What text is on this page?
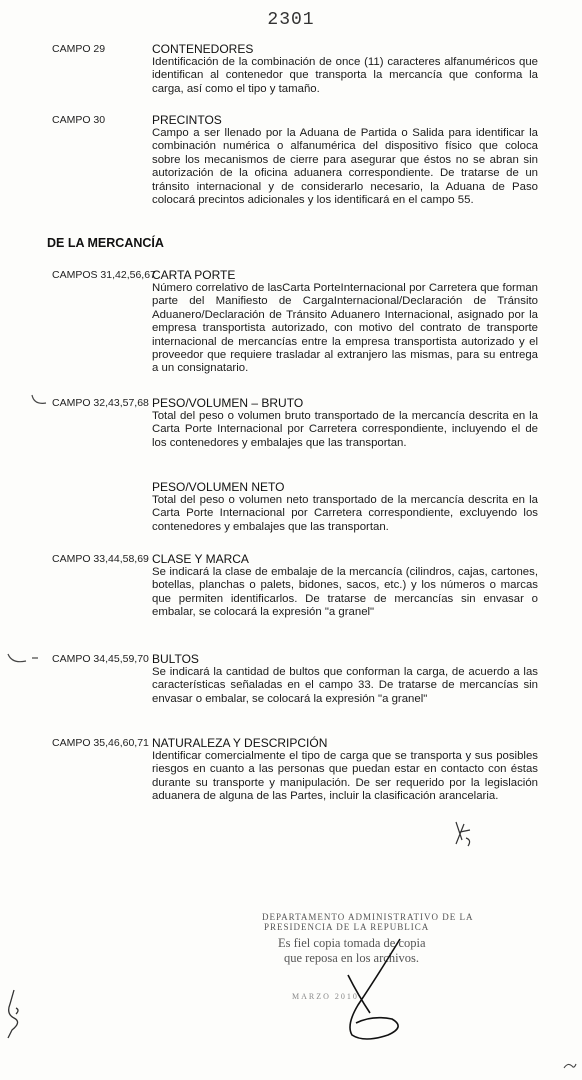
2301
CAMPO 29	CONTENEDORES
Identificación de la combinación de once (11) caracteres alfanuméricos que identifican al contenedor que transporta la mercancía que conforma la carga, así como el tipo y tamaño.
CAMPO 30	PRECINTOS
Campo a ser llenado por la Aduana de Partida o Salida para identificar la combinación numérica o alfanumérica del dispositivo físico que coloca sobre los mecanismos de cierre para asegurar que éstos no se abran sin autorización de la oficina aduanera correspondiente. De tratarse de un tránsito internacional y de considerarlo necesario, la Aduana de Paso colocará precintos adicionales y los identificará en el campo 55.
DE LA MERCANCÍA
CAMPOS 31,42,56,67
CARTA PORTE
Número correlativo de lasCarta PorteInternacional por Carretera que forman parte del Manifiesto de CargaInternacional/Declaración de Tránsito Aduanero/Declaración de Tránsito Aduanero Internacional, asignado por la empresa transportista autorizado, con motivo del contrato de transporte internacional de mercancías entre la empresa transportista autorizado y el proveedor que requiere trasladar al extranjero las mismas, para su entrega a un consignatario.
CAMPO 32,43,57,68 PESO/VOLUMEN – BRUTO
Total del peso o volumen bruto transportado de la mercancía descrita en la Carta Porte Internacional por Carretera correspondiente, incluyendo el de los contenedores y embalajes que las transportan.
PESO/VOLUMEN NETO
Total del peso o volumen neto transportado de la mercancía descrita en la Carta Porte Internacional por Carretera correspondiente, excluyendo los contenedores y embalajes que las transportan.
CAMPO 33,44,58,69 CLASE Y MARCA
Se indicará la clase de embalaje de la mercancía (cilindros, cajas, cartones, botellas, planchas o palets, bidones, sacos, etc.) y los números o marcas que permiten identificarlos. De tratarse de mercancías sin envasar o embalar, se colocará la expresión "a granel"
CAMPO 34,45,59,70 BULTOS
Se indicará la cantidad de bultos que conforman la carga, de acuerdo a las características señaladas en el campo 33. De tratarse de mercancías sin envasar o embalar, se colocará la expresión "a granel"
CAMPO 35,46,60,71 NATURALEZA Y DESCRIPCIÓN
Identificar comercialmente el tipo de carga que se transporta y sus posibles riesgos en cuanto a las personas que puedan estar en contacto con éstas durante su transporte y manipulación. De ser requerido por la legislación aduanera de alguna de las Partes, incluir la clasificación arancelaria.
DEPARTAMENTO ADMINISTRATIVO DE LA
PRESIDENCIA DE LA REPUBLICA
Es fiel copia tomada de copia
que reposa en los archivos.
MARZO 2010
